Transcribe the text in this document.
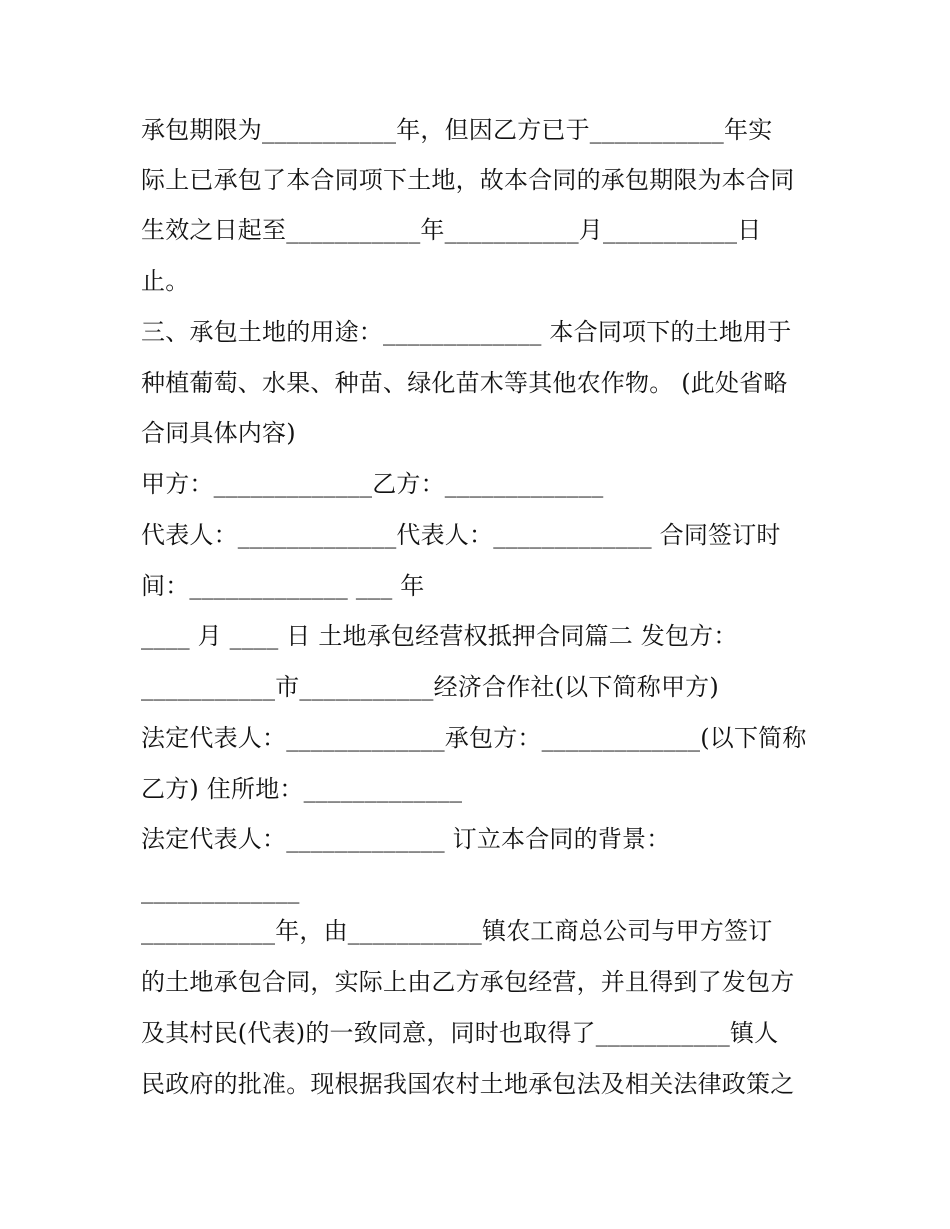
承包期限为___________年，但因乙方已于___________年实
际上已承包了本合同项下土地，故本合同的承包期限为本合同
生效之日起至___________年___________月___________日
止。
三、承包土地的用途：_____________ 本合同项下的土地用于
种植葡萄、水果、种苗、绿化苗木等其他农作物。 (此处省略
合同具体内容)
甲方：_____________乙方：_____________
代表人：_____________代表人：_____________ 合同签订时
间：_____________ ___ 年
____ 月 ____ 日 土地承包经营权抵押合同篇二 发包方：
___________市___________经济合作社(以下简称甲方)
法定代表人：_____________承包方：_____________(以下简称
乙方) 住所地：_____________
法定代表人：_____________ 订立本合同的背景：
_____________
___________年，由___________镇农工商总公司与甲方签订
的土地承包合同，实际上由乙方承包经营，并且得到了发包方
及其村民(代表)的一致同意，同时也取得了___________镇人
民政府的批准。现根据我国农村土地承包法及相关法律政策之
